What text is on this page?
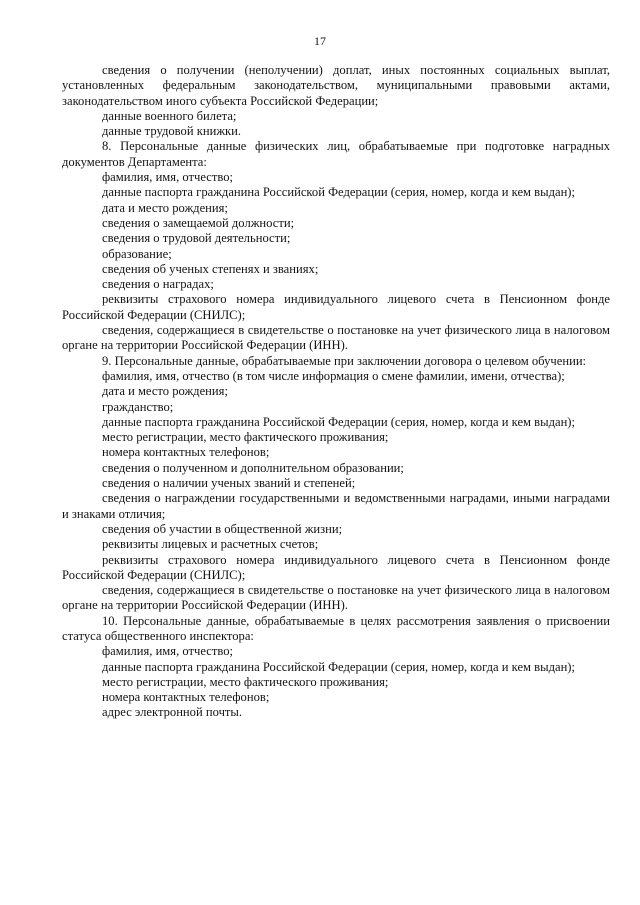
17

сведения о получении (неполучении) доплат, иных постоянных социальных выплат, установленных федеральным законодательством, муниципальными правовыми актами, законодательством иного субъекта Российской Федерации;

данные военного билета;

данные трудовой книжки.

8. Персональные данные физических лиц, обрабатываемые при подготовке наградных документов Департамента:

фамилия, имя, отчество;

данные паспорта гражданина Российской Федерации (серия, номер, когда и кем выдан);

дата и место рождения;

сведения о замещаемой должности;

сведения о трудовой деятельности;

образование;

сведения об ученых степенях и званиях;

сведения о наградах;

реквизиты страхового номера индивидуального лицевого счета в Пенсионном фонде Российской Федерации (СНИЛС);

сведения, содержащиеся в свидетельстве о постановке на учет физического лица в налоговом органе на территории Российской Федерации (ИНН).

9. Персональные данные, обрабатываемые при заключении договора о целевом обучении:

фамилия, имя, отчество (в том числе информация о смене фамилии, имени, отчества);

дата и место рождения;

гражданство;

данные паспорта гражданина Российской Федерации (серия, номер, когда и кем выдан);

место регистрации, место фактического проживания;

номера контактных телефонов;

сведения о полученном и дополнительном образовании;

сведения о наличии ученых званий и степеней;

сведения о награждении государственными и ведомственными наградами, иными наградами и знаками отличия;

сведения об участии в общественной жизни;

реквизиты лицевых и расчетных счетов;

реквизиты страхового номера индивидуального лицевого счета в Пенсионном фонде Российской Федерации (СНИЛС);

сведения, содержащиеся в свидетельстве о постановке на учет физического лица в налоговом органе на территории Российской Федерации (ИНН).

10. Персональные данные, обрабатываемые в целях рассмотрения заявления о присвоении статуса общественного инспектора:

фамилия, имя, отчество;

данные паспорта гражданина Российской Федерации (серия, номер, когда и кем выдан);

место регистрации, место фактического проживания;

номера контактных телефонов;

адрес электронной почты.
